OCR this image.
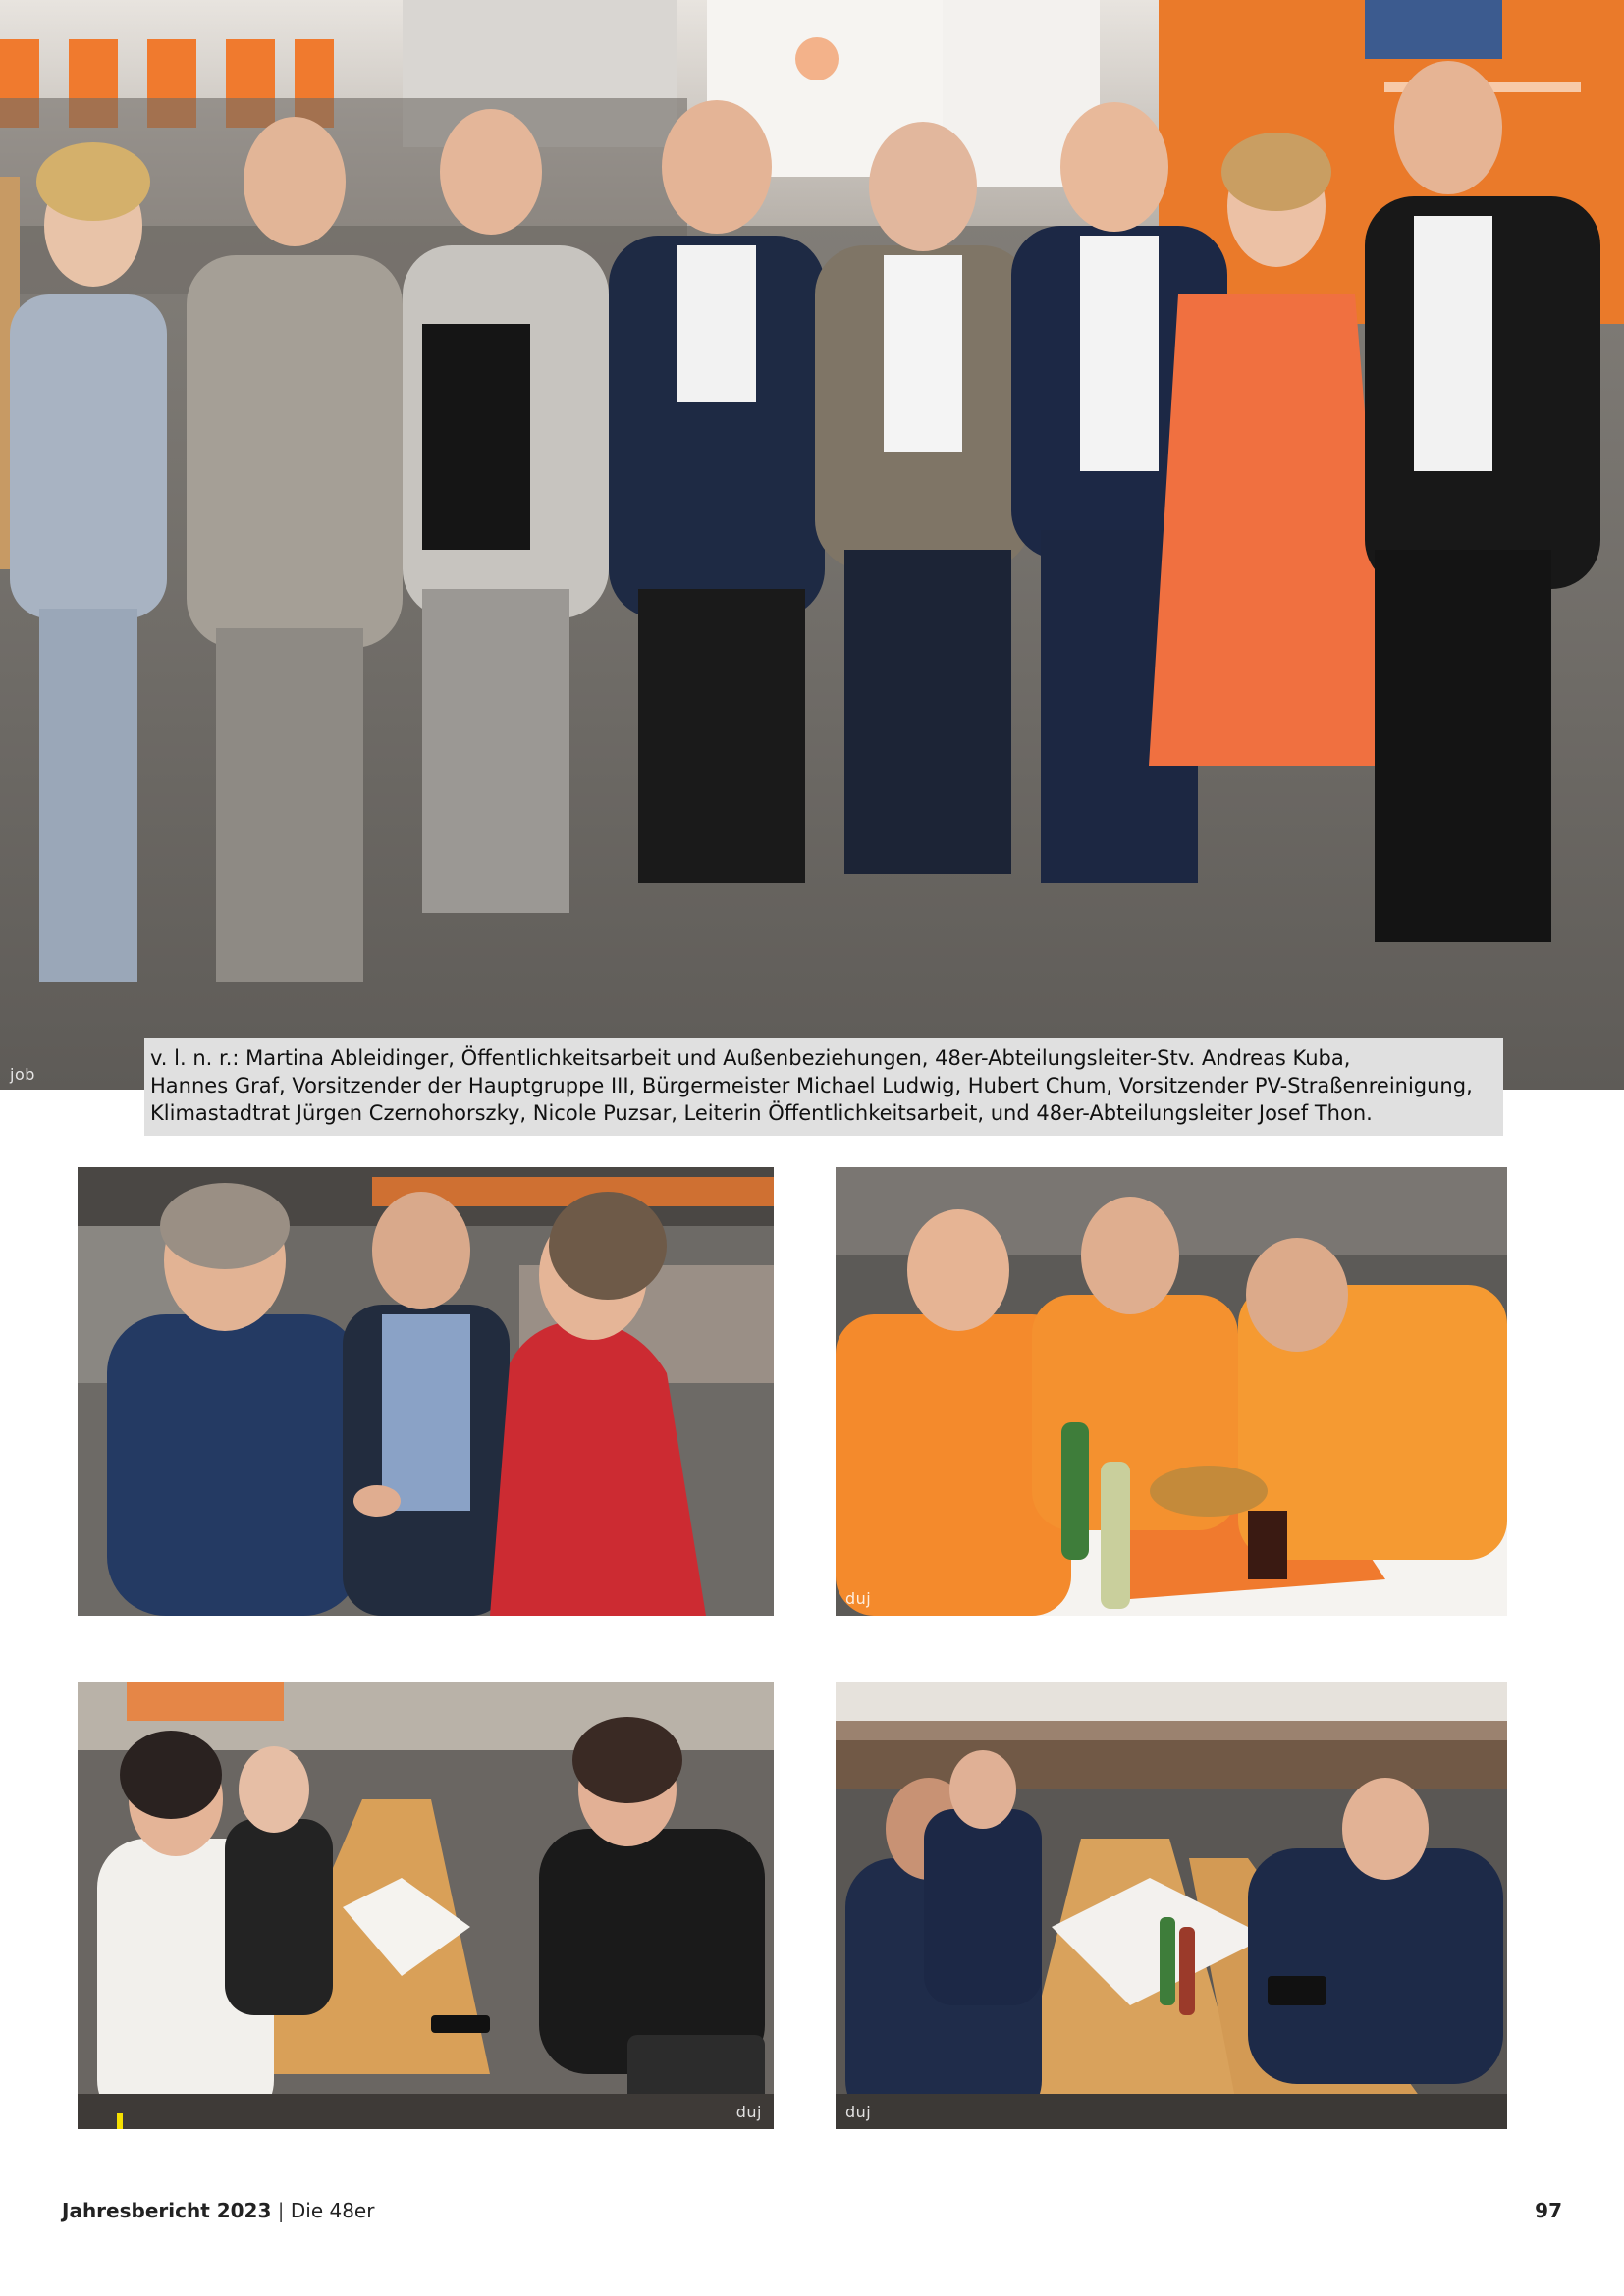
job
v. l. n. r.: Martina Ableidinger, Öffentlichkeitsarbeit und Außenbeziehungen, 48er-Abteilungsleiter-Stv. Andreas Kuba,
Hannes Graf, Vorsitzender der Hauptgruppe III, Bürgermeister Michael Ludwig, Hubert Chum, Vorsitzender PV-Straßenreinigung,
Klimastadtrat Jürgen Czernohorszky, Nicole Puzsar, Leiterin Öffentlichkeitsarbeit, und 48er-Abteilungsleiter Josef Thon.
duj
duj	duj
Jahresbericht 2023 | Die 48er	97
